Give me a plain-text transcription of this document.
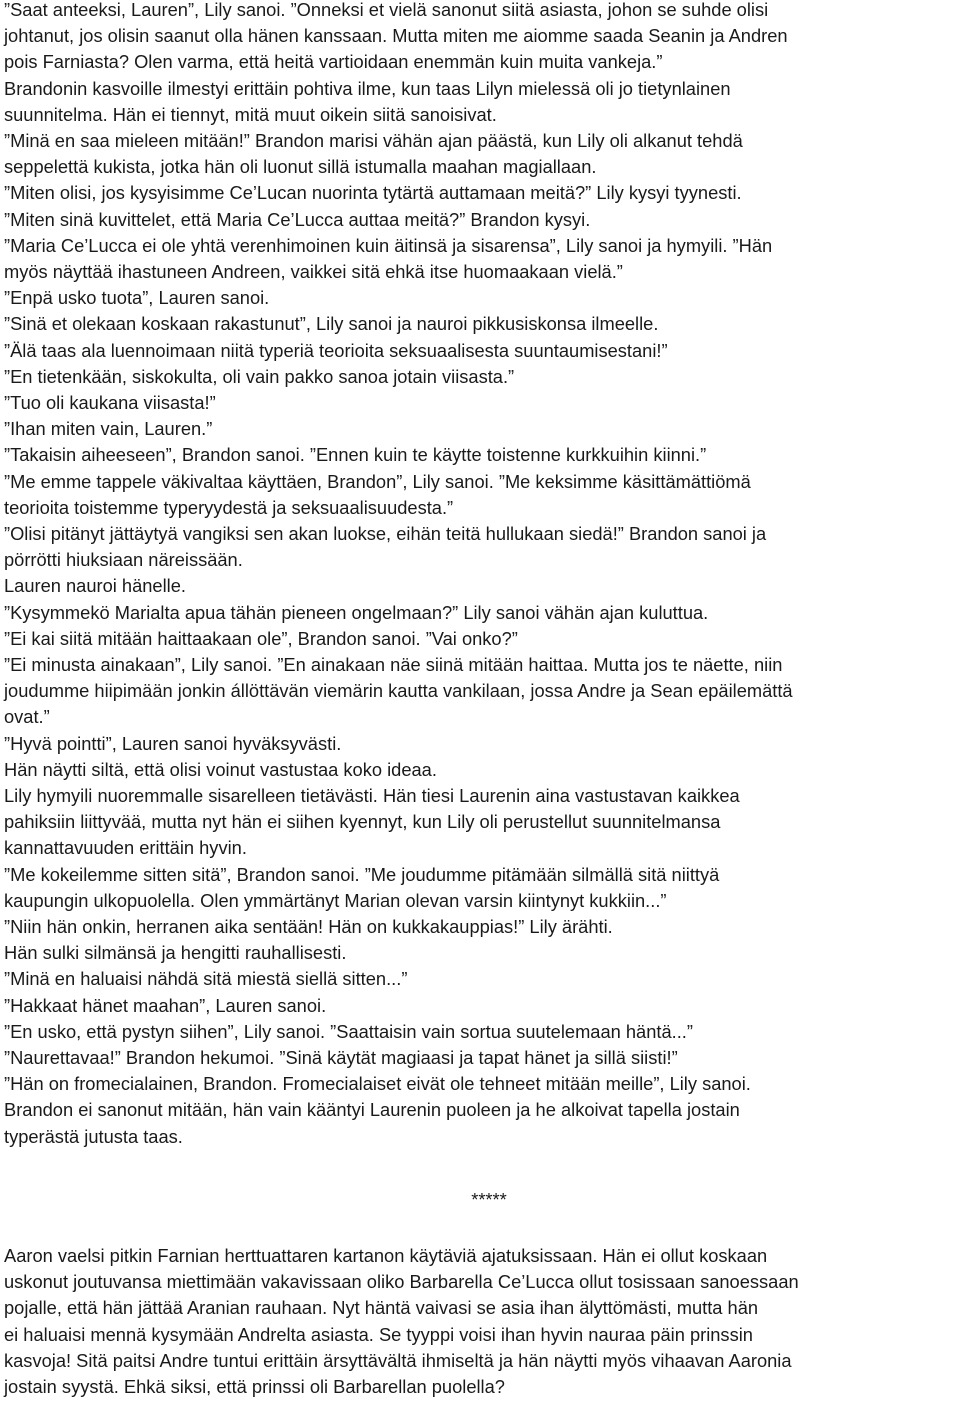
”Saat anteeksi, Lauren”, Lily sanoi. ”Onneksi et vielä sanonut siitä asiasta, johon se suhde olisi
johtanut, jos olisin saanut olla hänen kanssaan. Mutta miten me aiomme saada Seanin ja Andren
pois Farniasta? Olen varma, että heitä vartioidaan enemmän kuin muita vankeja.”
Brandonin kasvoille ilmestyi erittäin pohtiva ilme, kun taas Lilyn mielessä oli jo tietynlainen
suunnitelma. Hän ei tiennyt, mitä muut oikein siitä sanoisivat.
”Minä en saa mieleen mitään!” Brandon marisi vähän ajan päästä, kun Lily oli alkanut tehdä
seppelettä kukista, jotka hän oli luonut sillä istumalla maahan magiallaan.
”Miten olisi, jos kysyisimme Ce’Lucan nuorinta tytärtä auttamaan meitä?” Lily kysyi tyynesti.
”Miten sinä kuvittelet, että Maria Ce’Lucca auttaa meitä?” Brandon kysyi.
”Maria Ce’Lucca ei ole yhtä verenhimoinen kuin äitinsä ja sisarensa”, Lily sanoi ja hymyili. ”Hän
myös näyttää ihastuneen Andreen, vaikkei sitä ehkä itse huomaakaan vielä.”
”Enpä usko tuota”, Lauren sanoi.
”Sinä et olekaan koskaan rakastunut”, Lily sanoi ja nauroi pikkusiskonsa ilmeelle.
”Älä taas ala luennoimaan niitä typeriä teorioita seksuaalisesta suuntaumisestani!”
”En tietenkään, siskokulta, oli vain pakko sanoa jotain viisasta.”
”Tuo oli kaukana viisasta!”
”Ihan miten vain, Lauren.”
”Takaisin aiheeseen”, Brandon sanoi. ”Ennen kuin te käytte toistenne kurkkuihin kiinni.”
”Me emme tappele väkivaltaa käyttäen, Brandon”, Lily sanoi. ”Me keksimme käsittämättiömä
teorioita toistemme typeryydestä ja seksuaalisuudesta.”
”Olisi pitänyt jättäytyä vangiksi sen akan luokse, eihän teitä hullukaan siedä!” Brandon sanoi ja
pörrötti hiuksiaan näreissään.
Lauren nauroi hänelle.
”Kysymmekö Marialta apua tähän pieneen ongelmaan?” Lily sanoi vähän ajan kuluttua.
”Ei kai siitä mitään haittaakaan ole”, Brandon sanoi. ”Vai onko?”
”Ei minusta ainakaan”, Lily sanoi. ”En ainakaan näe siinä mitään haittaa. Mutta jos te näette, niin
joudumme hiipimään jonkin állöttävän viemärin kautta vankilaan, jossa Andre ja Sean epäilemättä
ovat.”
”Hyvä pointti”, Lauren sanoi hyväksyvästi.
Hän näytti siltä, että olisi voinut vastustaa koko ideaa.
Lily hymyili nuoremmalle sisarelleen tietävästi. Hän tiesi Laurenin aina vastustavan kaikkea
pahiksiin liittyvää, mutta nyt hän ei siihen kyennyt, kun Lily oli perustellut suunnitelmansa
kannattavuuden erittäin hyvin.
”Me kokeilemme sitten sitä”, Brandon sanoi. ”Me joudumme pitämään silmällä sitä niittyä
kaupungin ulkopuolella. Olen ymmärtänyt Marian olevan varsin kiintynyt kukkiin...”
”Niin hän onkin, herranen aika sentään! Hän on kukkakauppias!” Lily ärähti.
Hän sulki silmänsä ja hengitti rauhallisesti.
”Minä en haluaisi nähdä sitä miestä siellä sitten...”
”Hakkaat hänet maahan”, Lauren sanoi.
”En usko, että pystyn siihen”, Lily sanoi. ”Saattaisin vain sortua suutelemaan häntä...”
”Naurettavaa!” Brandon hekumoi. ”Sinä käytät magiaasi ja tapat hänet ja sillä siisti!”
”Hän on fromecialainen, Brandon. Fromecialaiset eivät ole tehneet mitään meille”, Lily sanoi.
Brandon ei sanonut mitään, hän vain kääntyi Laurenin puoleen ja he alkoivat tapella jostain
typerästä jutusta taas.
*****
Aaron vaelsi pitkin Farnian herttuattaren kartanon käytäviä ajatuksissaan. Hän ei ollut koskaan
uskonut joutuvansa miettimään vakavissaan oliko Barbarella Ce’Lucca ollut tosissaan sanoessaan
pojalle, että hän jättää Aranian rauhaan. Nyt häntä vaivasi se asia ihan älyttömästi, mutta hän
ei haluaisi mennä kysymään Andrelta asiasta. Se tyyppi voisi ihan hyvin nauraa päin prinssin
kasvoja! Sitä paitsi Andre tuntui erittäin ärsyttävältä ihmiseltä ja hän näytti myös vihaavan Aaronia
jostain syystä. Ehkä siksi, että prinssi oli Barbarellan puolella?
